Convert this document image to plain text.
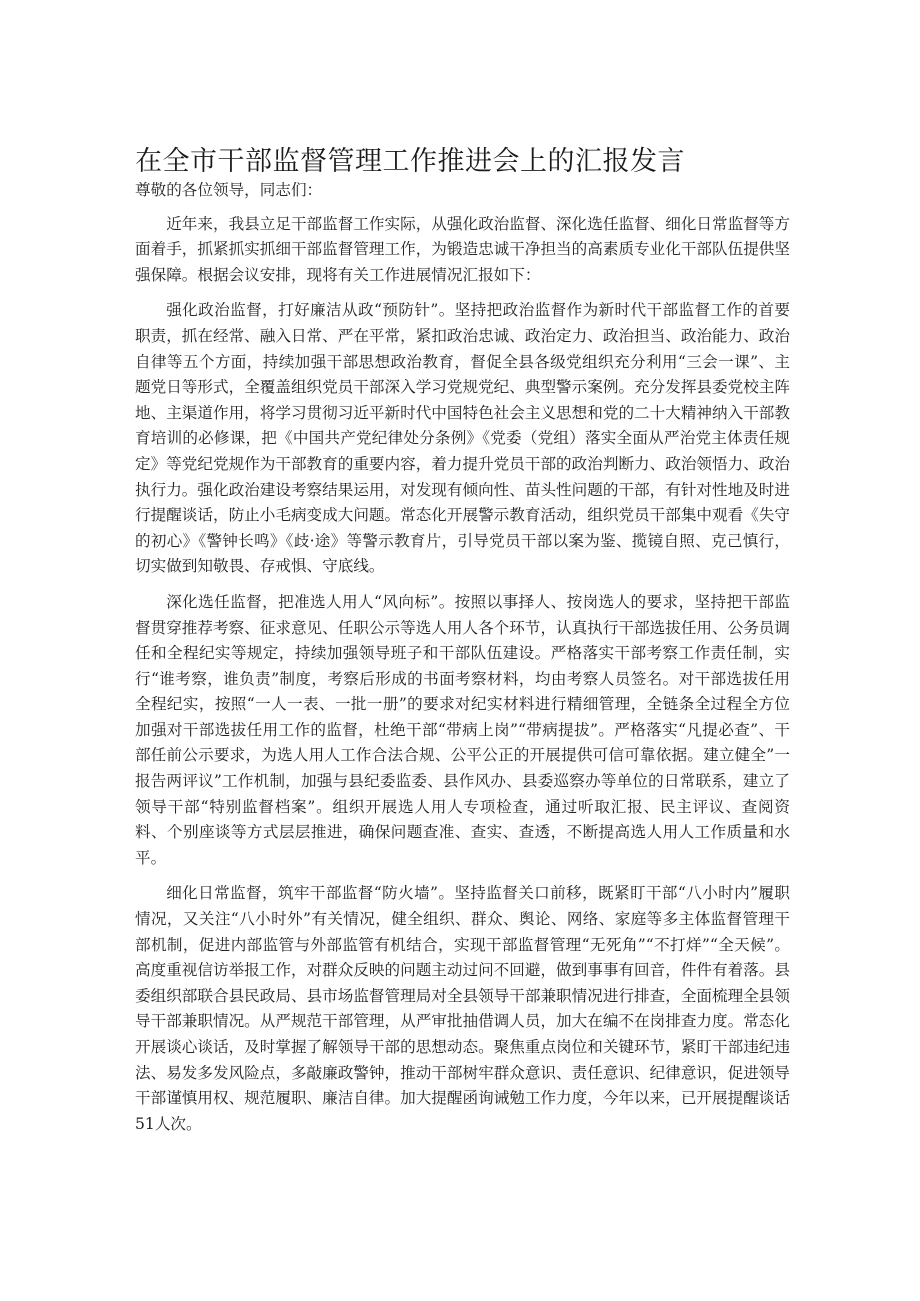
在全市干部监督管理工作推进会上的汇报发言

尊敬的各位领导，同志们：

近年来，我县立足干部监督工作实际，从强化政治监督、深化选任监督、细化日常监督等方面着手，抓紧抓实抓细干部监督管理工作，为锻造忠诚干净担当的高素质专业化干部队伍提供坚强保障。根据会议安排，现将有关工作进展情况汇报如下：

强化政治监督，打好廉洁从政“预防针”。坚持把政治监督作为新时代干部监督工作的首要职责，抓在经常、融入日常、严在平常，紧扣政治忠诚、政治定力、政治担当、政治能力、政治自律等五个方面，持续加强干部思想政治教育，督促全县各级党组织充分利用“三会一课”、主题党日等形式，全覆盖组织党员干部深入学习党规党纪、典型警示案例。充分发挥县委党校主阵地、主渠道作用，将学习贯彻习近平新时代中国特色社会主义思想和党的二十大精神纳入干部教育培训的必修课，把《中国共产党纪律处分条例》《党委（党组）落实全面从严治党主体责任规定》等党纪党规作为干部教育的重要内容，着力提升党员干部的政治判断力、政治领悟力、政治执行力。强化政治建设考察结果运用，对发现有倾向性、苗头性问题的干部，有针对性地及时进行提醒谈话，防止小毛病变成大问题。常态化开展警示教育活动，组织党员干部集中观看《失守的初心》《警钟长鸣》《歧·途》等警示教育片，引导党员干部以案为鉴、揽镜自照、克己慎行，切实做到知敬畏、存戒惧、守底线。

深化选任监督，把准选人用人“风向标”。按照以事择人、按岗选人的要求，坚持把干部监督贯穿推荐考察、征求意见、任职公示等选人用人各个环节，认真执行干部选拔任用、公务员调任和全程纪实等规定，持续加强领导班子和干部队伍建设。严格落实干部考察工作责任制，实行“谁考察，谁负责”制度，考察后形成的书面考察材料，均由考察人员签名。对干部选拔任用全程纪实，按照“一人一表、一批一册”的要求对纪实材料进行精细管理，全链条全过程全方位加强对干部选拔任用工作的监督，杜绝干部“带病上岗”“带病提拔”。严格落实“凡提必查”、干部任前公示要求，为选人用人工作合法合规、公平公正的开展提供可信可靠依据。建立健全”一报告两评议”工作机制，加强与县纪委监委、县作风办、县委巡察办等单位的日常联系，建立了领导干部“特别监督档案”。组织开展选人用人专项检查，通过听取汇报、民主评议、查阅资料、个别座谈等方式层层推进，确保问题查准、查实、查透，不断提高选人用人工作质量和水平。

细化日常监督，筑牢干部监督“防火墙”。坚持监督关口前移，既紧盯干部“八小时内”履职情况，又关注“八小时外”有关情况，健全组织、群众、舆论、网络、家庭等多主体监督管理干部机制，促进内部监管与外部监管有机结合，实现干部监督管理“无死角”“不打烊”“全天候”。高度重视信访举报工作，对群众反映的问题主动过问不回避，做到事事有回音，件件有着落。县委组织部联合县民政局、县市场监督管理局对全县领导干部兼职情况进行排查，全面梳理全县领导干部兼职情况。从严规范干部管理，从严审批抽借调人员，加大在编不在岗排查力度。常态化开展谈心谈话，及时掌握了解领导干部的思想动态。聚焦重点岗位和关键环节，紧盯干部违纪违法、易发多发风险点，多敲廉政警钟，推动干部树牢群众意识、责任意识、纪律意识，促进领导干部谨慎用权、规范履职、廉洁自律。加大提醒函询诫勉工作力度，今年以来，已开展提醒谈话51人次。
